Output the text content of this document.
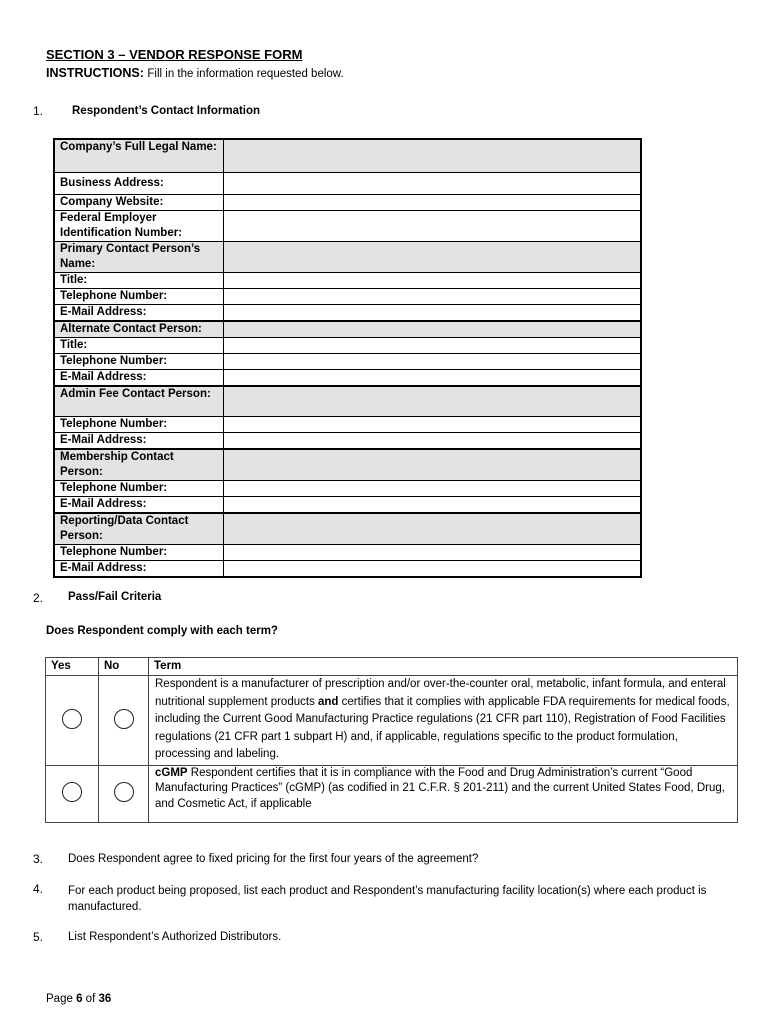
SECTION 3 – VENDOR RESPONSE FORM
INSTRUCTIONS: Fill in the information requested below.
1.	Respondent’s Contact Information
Company’s Full Legal Name:	
Business Address:	
Company Website:	
Federal Employer Identification Number:	
Primary Contact Person’s Name:	
Title:	
Telephone Number:	
E-Mail Address:	
Alternate Contact Person:	
Title:	
Telephone Number:	
E-Mail Address:	
Admin Fee Contact Person:	
Telephone Number:	
E-Mail Address:	
Membership Contact Person:	
Telephone Number:	
E-Mail Address:	
Reporting/Data Contact Person:	
Telephone Number:	
E-Mail Address:	
2. Pass/Fail Criteria
Does Respondent comply with each term?
Yes	No	Term
		Respondent is a manufacturer of prescription and/or over-the-counter oral, metabolic, infant formula, and enteral nutritional supplement products and certifies that it complies with applicable FDA requirements for medical foods, including the Current Good Manufacturing Practice regulations (21 CFR part 110), Registration of Food Facilities regulations (21 CFR part 1 subpart H) and, if applicable, regulations specific to the product formulation, processing and labeling.
		cGMP Respondent certifies that it is in compliance with the Food and Drug Administration’s current “Good Manufacturing Practices” (cGMP) (as codified in 21 C.F.R. § 201-211) and the current United States Food, Drug, and Cosmetic Act, if applicable
3. Does Respondent agree to fixed pricing for the first four years of the agreement?
4. For each product being proposed, list each product and Respondent’s manufacturing facility location(s) where each product is manufactured.
5. List Respondent’s Authorized Distributors.
Page 6 of 36
